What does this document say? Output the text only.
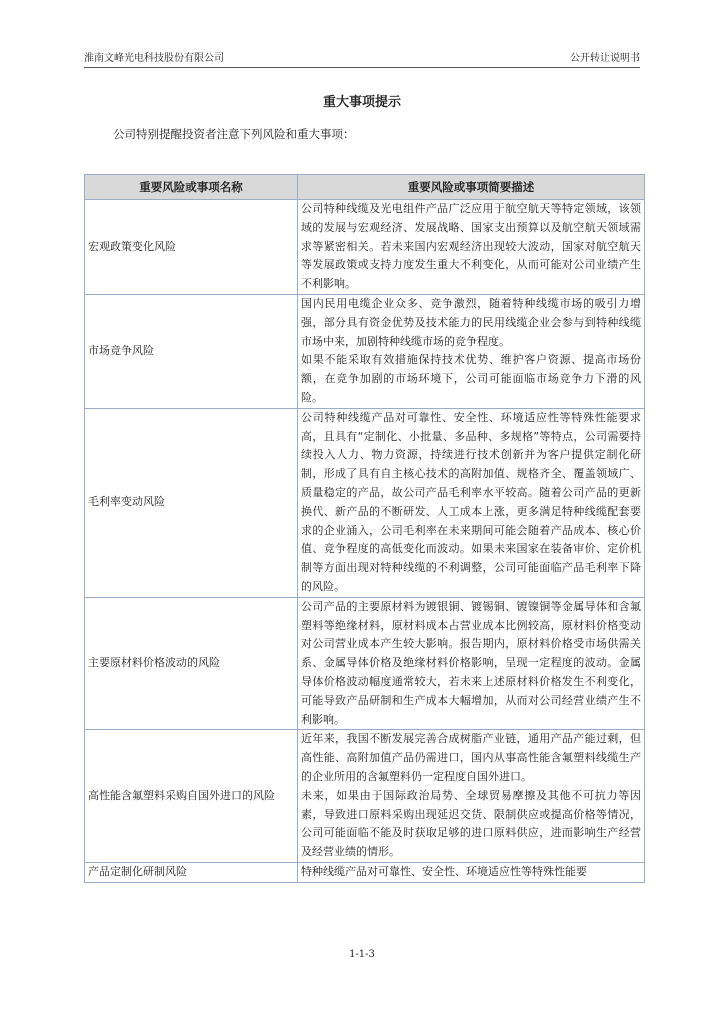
淮南文峰光电科技股份有限公司	公开转让说明书
重大事项提示
公司特别提醒投资者注意下列风险和重大事项：
重要风险或事项名称	重要风险或事项简要描述
宏观政策变化风险	公司特种线缆及光电组件产品广泛应用于航空航天等特定领域，该领域的发展与宏观经济、发展战略、国家支出预算以及航空航天领域需求等紧密相关。若未来国内宏观经济出现较大波动，国家对航空航天等发展政策或支持力度发生重大不利变化，从而可能对公司业绩产生不利影响。

市场竞争风险	国内民用电缆企业众多、竞争激烈，随着特种线缆市场的吸引力增强，部分具有资金优势及技术能力的民用线缆企业会参与到特种线缆市场中来，加剧特种线缆市场的竞争程度。

如果不能采取有效措施保持技术优势、维护客户资源、提高市场份额，在竞争加剧的市场环境下，公司可能面临市场竞争力下滑的风险。

毛利率变动风险	公司特种线缆产品对可靠性、安全性、环境适应性等特殊性能要求高，且具有“定制化、小批量、多品种、多规格”等特点，公司需要持续投入人力、物力资源，持续进行技术创新并为客户提供定制化研制，形成了具有自主核心技术的高附加值、规格齐全、覆盖领域广、质量稳定的产品，故公司产品毛利率水平较高。随着公司产品的更新换代、新产品的不断研发、人工成本上涨，更多满足特种线缆配套要求的企业涌入，公司毛利率在未来期间可能会随着产品成本、核心价值、竞争程度的高低变化而波动。如果未来国家在装备审价、定价机制等方面出现对特种线缆的不利调整，公司可能面临产品毛利率下降的风险。

主要原材料价格波动的风险	公司产品的主要原材料为镀银铜、镀锡铜、镀镍铜等金属导体和含氟塑料等绝缘材料，原材料成本占营业成本比例较高，原材料价格变动对公司营业成本产生较大影响。报告期内，原材料价格受市场供需关系、金属导体价格及绝缘材料价格影响，呈现一定程度的波动。金属导体价格波动幅度通常较大，若未来上述原材料价格发生不利变化，可能导致产品研制和生产成本大幅增加，从而对公司经营业绩产生不利影响。

高性能含氟塑料采购自国外进口的风险	近年来，我国不断发展完善合成树脂产业链，通用产品产能过剩，但高性能、高附加值产品仍需进口，国内从事高性能含氟塑料线缆生产的企业所用的含氟塑料仍一定程度自国外进口。

未来，如果由于国际政治局势、全球贸易摩擦及其他不可抗力等因素，导致进口原料采购出现延迟交货、限制供应或提高价格等情况，公司可能面临不能及时获取足够的进口原料供应，进而影响生产经营及经营业绩的情形。

产品定制化研制风险	特种线缆产品对可靠性、安全性、环境适应性等特殊性能要

1-1-3
